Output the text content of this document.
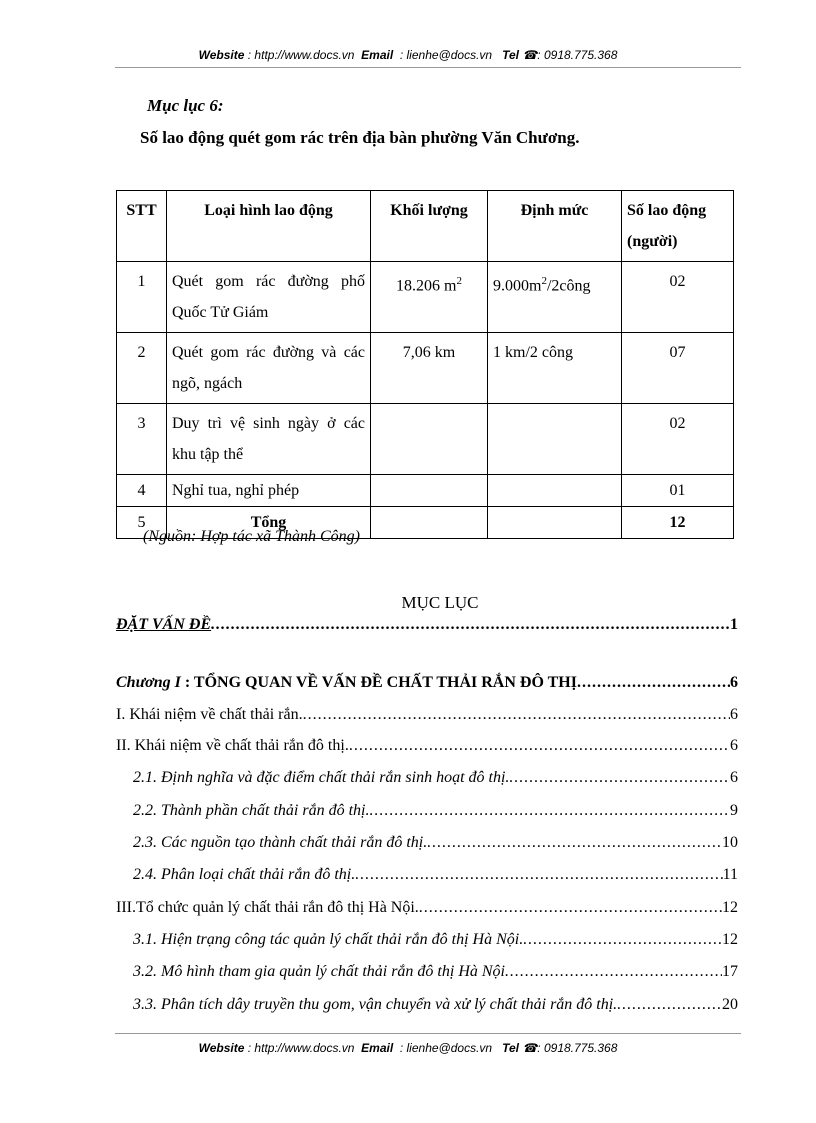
Website : http://www.docs.vn Email : lienhe@docs.vn Tel ☎: 0918.775.368
Mục lục 6:
Số lao động quét gom rác trên địa bàn phường Văn Chương.
STT	Loại hình lao động	Khối lượng	Định mức	Số lao động (người)
1	Quét gom rác đường phố Quốc Tử Giám	18.206 $m^2$	$9.000m^2/2công$	02
2	Quét gom rác đường và các ngõ, ngách	7,06 km	1 km/2 công	07
3	Duy trì vệ sinh ngày ở các khu tập thể			02
4	Nghỉ tua, nghỉ phép			01
5	Tổng			12
(Nguồn: Hợp tác xã Thành Công)
MỤC LỤC
ĐẶT VẤN ĐỀ .....	1
Chương I : TỔNG QUAN VỀ VẤN ĐỀ CHẤT THẢI RẮN ĐÔ THỊ .....	6
I. Khái niệm về chất thải rắn. .....	6
II. Khái niệm về chất thải rắn đô thị. .....	6
2.1. Định nghĩa và đặc điểm chất thải rắn sinh hoạt đô thị. .....	6
2.2. Thành phần chất thải rắn đô thị. .....	9
2.3. Các nguồn tạo thành chất thải rắn đô thị. .....	10
2.4. Phân loại chất thải rắn đô thị. .....	11
III.Tổ chức quản lý chất thải rắn đô thị Hà Nội. .....	12
3.1. Hiện trạng công tác quản lý chất thải rắn đô thị Hà Nội. .....	12
3.2. Mô hình tham gia quản lý chất thải rắn đô thị Hà Nội .....	17
3.3. Phân tích dây truyền thu gom, vận chuyển và xử lý chất thải rắn đô thị. .....	20
Website : http://www.docs.vn Email : lienhe@docs.vn Tel ☎: 0918.775.368
